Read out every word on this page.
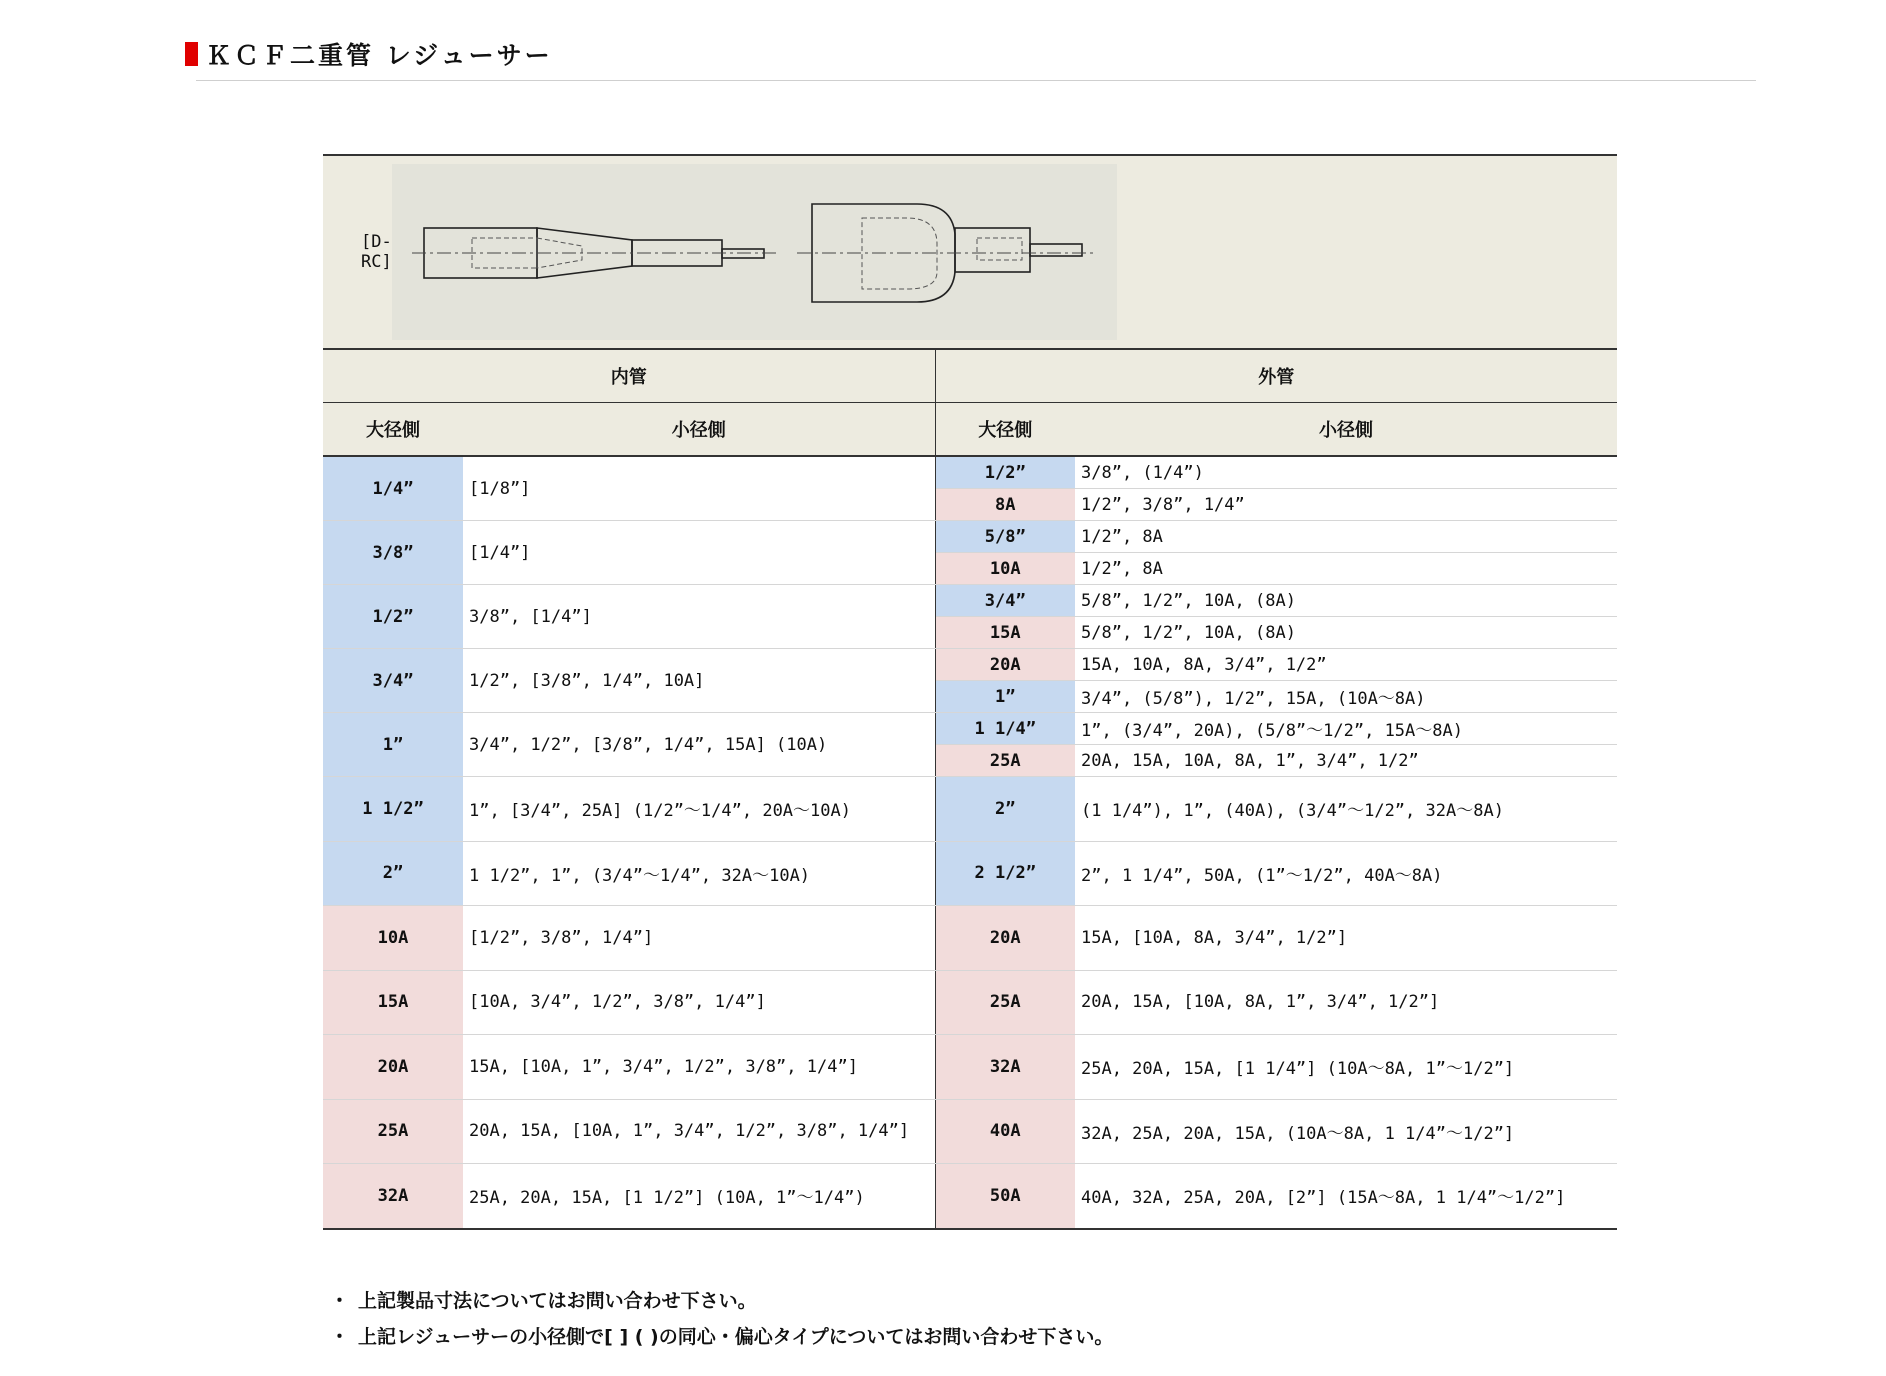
ＫＣＦ二重管 レジューサー
[D-RC]			

内管		外管	
大径側	小径側	大径側	小径側
1/4”	[1/8”]	1/2”	3/8”, (1/4”)
		8A	1/2”, 3/8”, 1/4”
3/8”	[1/4”]	5/8”	1/2”, 8A
		10A	1/2”, 8A
1/2”	3/8”, [1/4”]	3/4”	5/8”, 1/2”, 10A, (8A)
		15A	5/8”, 1/2”, 10A, (8A)
3/4”	1/2”, [3/8”, 1/4”, 10A]	20A	15A, 10A, 8A, 3/4”, 1/2”
		1”	3/4”, (5/8”), 1/2”, 15A, (10A～8A)
1”	3/4”, 1/2”, [3/8”, 1/4”, 15A] (10A)	1 1/4”	1”, (3/4”, 20A), (5/8”～1/2”, 15A～8A)
		25A	20A, 15A, 10A, 8A, 1”, 3/4”, 1/2”
1 1/2”	1”, [3/4”, 25A] (1/2”～1/4”, 20A～10A)	2”	(1 1/4”), 1”, (40A), (3/4”～1/2”, 32A～8A)
2”	1 1/2”, 1”, (3/4”～1/4”, 32A～10A)	2 1/2”	2”, 1 1/4”, 50A, (1”～1/2”, 40A～8A)
10A	[1/2”, 3/8”, 1/4”]	20A	15A, [10A, 8A, 3/4”, 1/2”]
15A	[10A, 3/4”, 1/2”, 3/8”, 1/4”]	25A	20A, 15A, [10A, 8A, 1”, 3/4”, 1/2”]
20A	15A, [10A, 1”, 3/4”, 1/2”, 3/8”, 1/4”]	32A	25A, 20A, 15A, [1 1/4”] (10A～8A, 1”～1/2”]
25A	20A, 15A, [10A, 1”, 3/4”, 1/2”, 3/8”, 1/4”]	40A	32A, 25A, 20A, 15A, (10A～8A, 1 1/4”～1/2”]
32A	25A, 20A, 15A, [1 1/2”] (10A, 1”～1/4”)	50A	40A, 32A, 25A, 20A, [2”] (15A～8A, 1 1/4”～1/2”]
・ 上記製品寸法についてはお問い合わせ下さい。
・ 上記レジューサーの小径側で[ ] ( )の同心・偏心タイプについてはお問い合わせ下さい。
